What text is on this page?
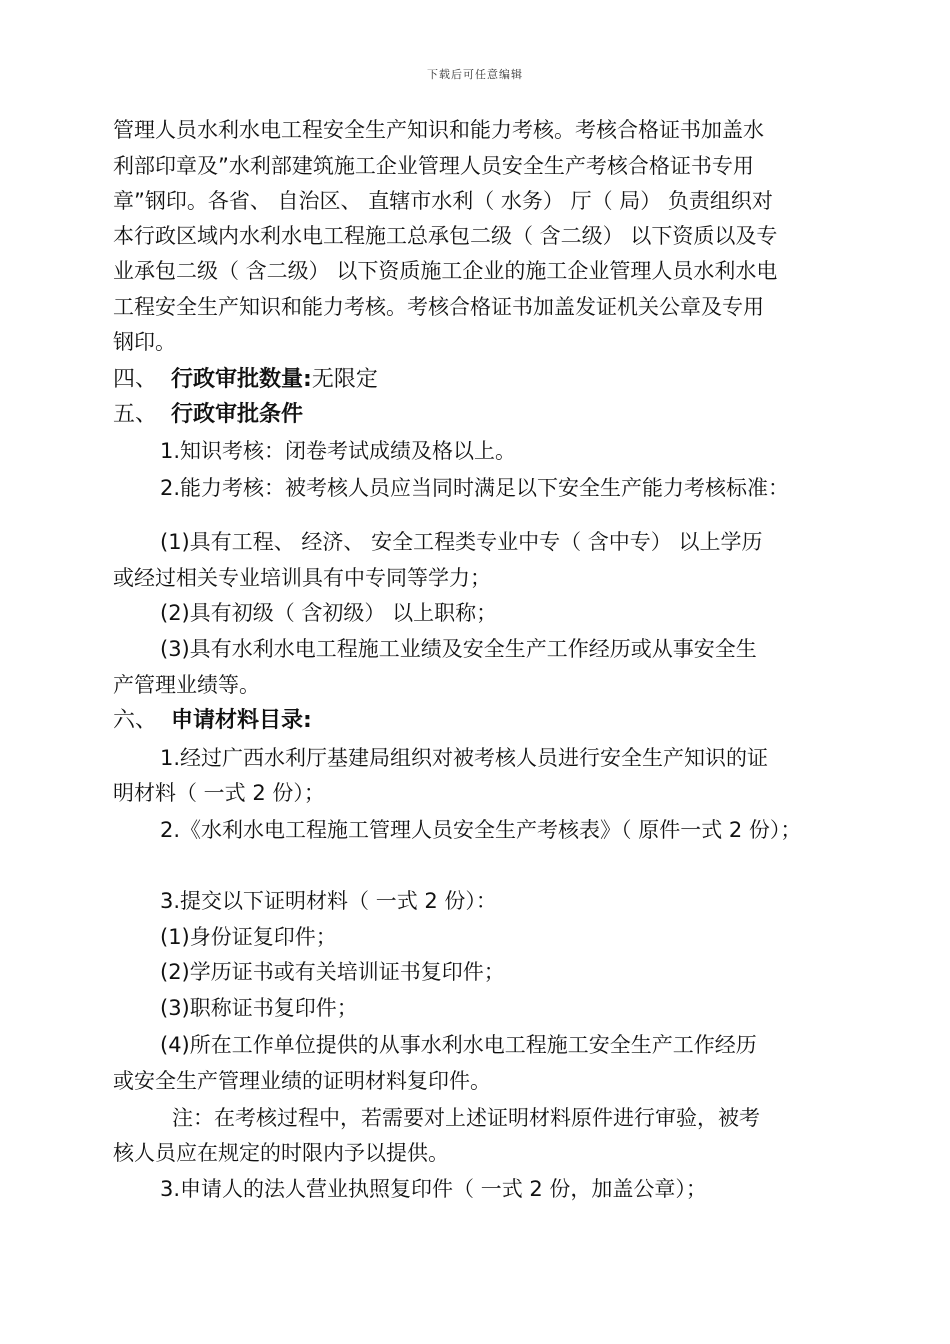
下载后可任意编辑
管理人员水利水电工程安全生产知识和能力考核。考核合格证书加盖水
利部印章及”水利部建筑施工企业管理人员安全生产考核合格证书专用
章”钢印。各省、 自治区、 直辖市水利（ 水务） 厅（ 局） 负责组织对
本行政区域内水利水电工程施工总承包二级（ 含二级） 以下资质以及专
业承包二级（ 含二级） 以下资质施工企业的施工企业管理人员水利水电
工程安全生产知识和能力考核。考核合格证书加盖发证机关公章及专用
钢印。
四、 行政审批数量:无限定
五、 行政审批条件
1.知识考核：闭卷考试成绩及格以上。
2.能力考核：被考核人员应当同时满足以下安全生产能力考核标准：
(1)具有工程、 经济、 安全工程类专业中专（ 含中专） 以上学历
或经过相关专业培训具有中专同等学力；
(2)具有初级（ 含初级） 以上职称；
(3)具有水利水电工程施工业绩及安全生产工作经历或从事安全生
产管理业绩等。
六、 申请材料目录:
1.经过广西水利厅基建局组织对被考核人员进行安全生产知识的证
明材料（ 一式 2 份）；
2.《水利水电工程施工管理人员安全生产考核表》（ 原件一式 2 份）；
3.提交以下证明材料（ 一式 2 份）：
(1)身份证复印件；
(2)学历证书或有关培训证书复印件；
(3)职称证书复印件；
(4)所在工作单位提供的从事水利水电工程施工安全生产工作经历
或安全生产管理业绩的证明材料复印件。
注：在考核过程中，若需要对上述证明材料原件进行审验，被考
核人员应在规定的时限内予以提供。
3.申请人的法人营业执照复印件（ 一式 2 份，加盖公章）；
